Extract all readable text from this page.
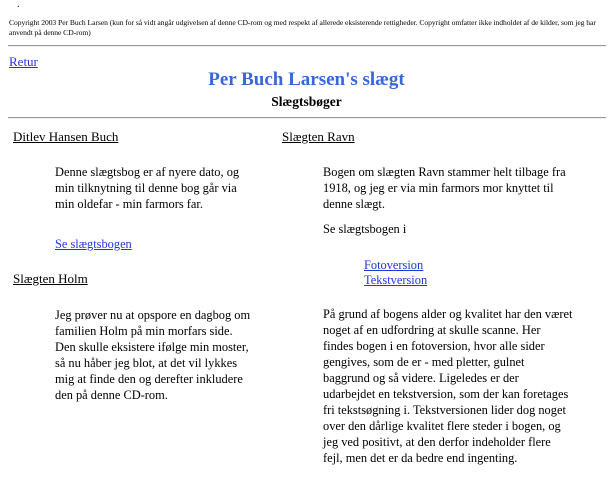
.
Copyright 2003 Per Buch Larsen (kun for så vidt angår udgivelsen af denne CD-rom og med respekt af allerede eksisterende rettigheder. Copyright omfatter ikke indholdet af de kilder, som jeg har anvendt på denne CD-rom)
Retur
Per Buch Larsen's slægt
Slægtsbøger
Ditlev Hansen Buch

Denne slægtsbog er af nyere dato, og min tilknytning til denne bog går via min oldefar - min farmors far.

Se slægtsbogen
Slægten Ravn

Bogen om slægten Ravn stammer helt tilbage fra 1918, og jeg er via min farmors mor knyttet til denne slægt.

Se slægtsbogen i

Fotoversion
Tekstversion

På grund af bogens alder og kvalitet har den været noget af en udfordring at skulle scanne. Her findes bogen i en fotoversion, hvor alle sider gengives, som de er - med pletter, gulnet baggrund og så videre. Ligeledes er der udarbejdet en tekstversion, som der kan foretages fri tekstsøgning i. Tekstversionen lider dog noget over den dårlige kvalitet flere steder i bogen, og jeg ved positivt, at den derfor indeholder flere fejl, men det er da bedre end ingenting.

Slægten Holm

Jeg prøver nu at opspore en dagbog om familien Holm på min morfars side. Den skulle eksistere ifølge min moster, så nu håber jeg blot, at det vil lykkes mig at finde den og derefter inkludere den på denne CD-rom.
